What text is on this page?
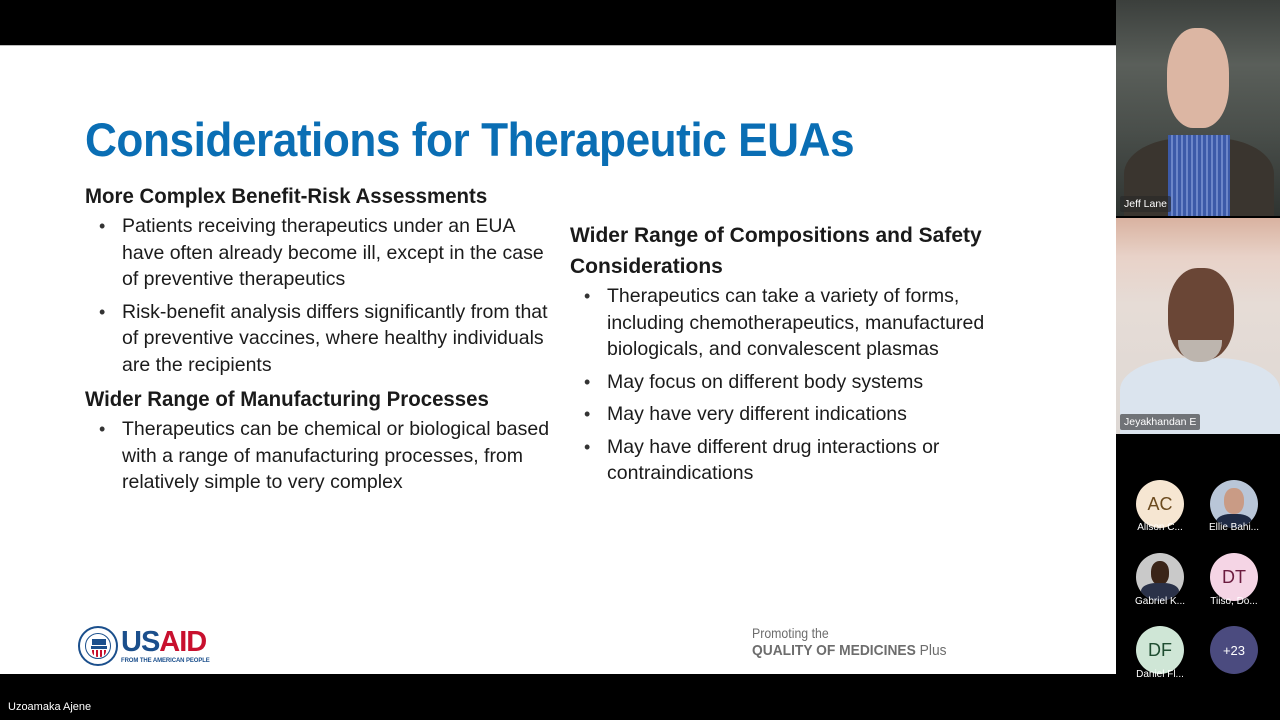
Considerations for Therapeutic EUAs
More Complex Benefit-Risk Assessments
• Patients receiving therapeutics under an EUA have often already become ill, except in the case of preventive therapeutics
• Risk-benefit analysis differs significantly from that of preventive vaccines, where healthy individuals are the recipients
Wider Range of Manufacturing Processes
• Therapeutics can be chemical or biological based with a range of manufacturing processes, from relatively simple to very complex
Wider Range of Compositions and Safety Considerations
• Therapeutics can take a variety of forms, including chemotherapeutics, manufactured biologicals, and convalescent plasmas
• May focus on different body systems
• May have very different indications
• May have different drug interactions or contraindications
USAID
FROM THE AMERICAN PEOPLE
Promoting the
QUALITY OF MEDICINES Plus
Uzoamaka Ajene
Jeff Lane
Jeyakhandan E
AC
Alison C...	Ellie Bahi...
Gabriel K...
DT
Tiiso, Do...
DF
Daniel Fl...
+23
